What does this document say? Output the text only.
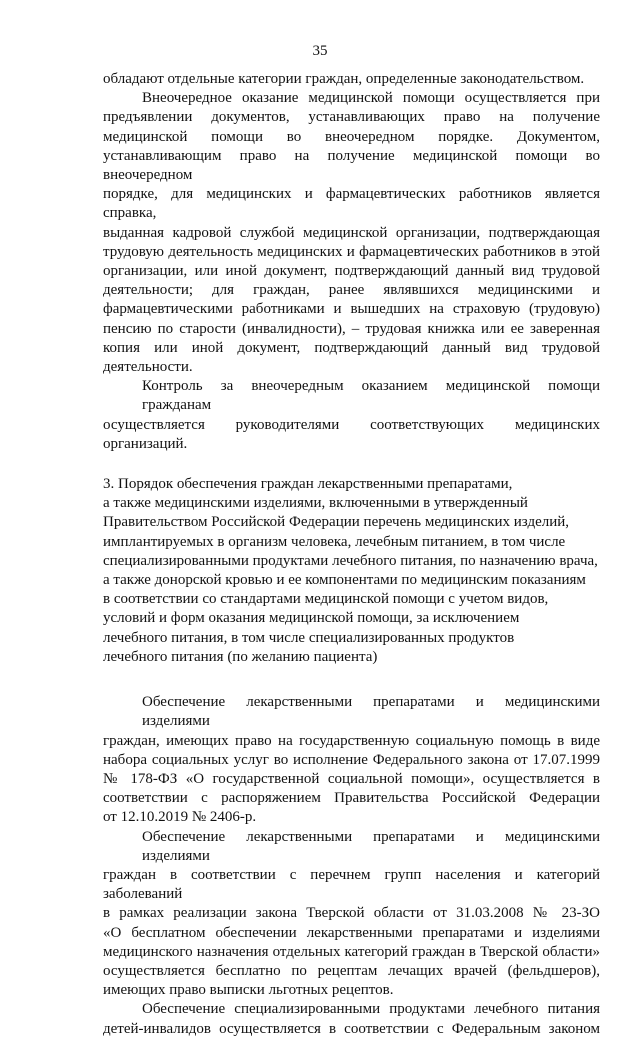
35
обладают отдельные категории граждан, определенные законодательством.
Внеочередное оказание медицинской помощи осуществляется при
предъявлении документов, устанавливающих право на получение
медицинской помощи во внеочередном порядке. Документом,
устанавливающим право на получение медицинской помощи во внеочередном
порядке, для медицинских и фармацевтических работников является справка,
выданная кадровой службой медицинской организации, подтверждающая
трудовую деятельность медицинских и фармацевтических работников в этой
организации, или иной документ, подтверждающий данный вид трудовой
деятельности; для граждан, ранее являвшихся медицинскими и
фармацевтическими работниками и вышедших на страховую (трудовую)
пенсию по старости (инвалидности), – трудовая книжка или ее заверенная
копия или иной документ, подтверждающий данный вид трудовой
деятельности.
Контроль за внеочередным оказанием медицинской помощи гражданам
осуществляется руководителями соответствующих медицинских
организаций.
3. Порядок обеспечения граждан лекарственными препаратами,
а также медицинскими изделиями, включенными в утвержденный
Правительством Российской Федерации перечень медицинских изделий,
имплантируемых в организм человека, лечебным питанием, в том числе
специализированными продуктами лечебного питания, по назначению врача,
а также донорской кровью и ее компонентами по медицинским показаниям
в соответствии со стандартами медицинской помощи с учетом видов,
условий и форм оказания медицинской помощи, за исключением
лечебного питания, в том числе специализированных продуктов
лечебного питания (по желанию пациента)
Обеспечение лекарственными препаратами и медицинскими изделиями
граждан, имеющих право на государственную социальную помощь в виде
набора социальных услуг во исполнение Федерального закона от 17.07.1999
№ 178-ФЗ «О государственной социальной помощи», осуществляется в
соответствии с распоряжением Правительства Российской Федерации
от 12.10.2019 № 2406-р.
Обеспечение лекарственными препаратами и медицинскими изделиями
граждан в соответствии с перечнем групп населения и категорий заболеваний
в рамках реализации закона Тверской области от 31.03.2008 № 23-ЗО
«О бесплатном обеспечении лекарственными препаратами и изделиями
медицинского назначения отдельных категорий граждан в Тверской области»
осуществляется бесплатно по рецептам лечащих врачей (фельдшеров),
имеющих право выписки льготных рецептов.
Обеспечение специализированными продуктами лечебного питания
детей-инвалидов осуществляется в соответствии с Федеральным законом
